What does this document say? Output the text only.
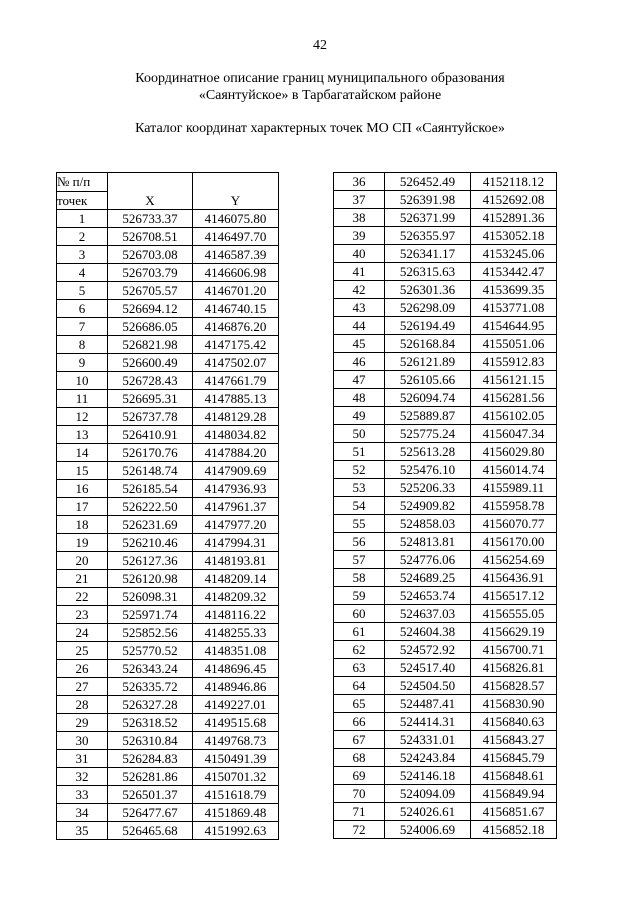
42
Координатное описание границ муниципального образования
«Саянтуйское» в Тарбагатайском районе
Каталог координат характерных точек МО СП «Саянтуйское»
№ п/п		
точек	X	Y
1	526733.37	4146075.80
2	526708.51	4146497.70
3	526703.08	4146587.39
4	526703.79	4146606.98
5	526705.57	4146701.20
6	526694.12	4146740.15
7	526686.05	4146876.20
8	526821.98	4147175.42
9	526600.49	4147502.07
10	526728.43	4147661.79
11	526695.31	4147885.13
12	526737.78	4148129.28
13	526410.91	4148034.82
14	526170.76	4147884.20
15	526148.74	4147909.69
16	526185.54	4147936.93
17	526222.50	4147961.37
18	526231.69	4147977.20
19	526210.46	4147994.31
20	526127.36	4148193.81
21	526120.98	4148209.14
22	526098.31	4148209.32
23	525971.74	4148116.22
24	525852.56	4148255.33
25	525770.52	4148351.08
26	526343.24	4148696.45
27	526335.72	4148946.86
28	526327.28	4149227.01
29	526318.52	4149515.68
30	526310.84	4149768.73
31	526284.83	4150491.39
32	526281.86	4150701.32
33	526501.37	4151618.79
34	526477.67	4151869.48
35	526465.68	4151992.63
36	526452.49	4152118.12
37	526391.98	4152692.08
38	526371.99	4152891.36
39	526355.97	4153052.18
40	526341.17	4153245.06
41	526315.63	4153442.47
42	526301.36	4153699.35
43	526298.09	4153771.08
44	526194.49	4154644.95
45	526168.84	4155051.06
46	526121.89	4155912.83
47	526105.66	4156121.15
48	526094.74	4156281.56
49	525889.87	4156102.05
50	525775.24	4156047.34
51	525613.28	4156029.80
52	525476.10	4156014.74
53	525206.33	4155989.11
54	524909.82	4155958.78
55	524858.03	4156070.77
56	524813.81	4156170.00
57	524776.06	4156254.69
58	524689.25	4156436.91
59	524653.74	4156517.12
60	524637.03	4156555.05
61	524604.38	4156629.19
62	524572.92	4156700.71
63	524517.40	4156826.81
64	524504.50	4156828.57
65	524487.41	4156830.90
66	524414.31	4156840.63
67	524331.01	4156843.27
68	524243.84	4156845.79
69	524146.18	4156848.61
70	524094.09	4156849.94
71	524026.61	4156851.67
72	524006.69	4156852.18
